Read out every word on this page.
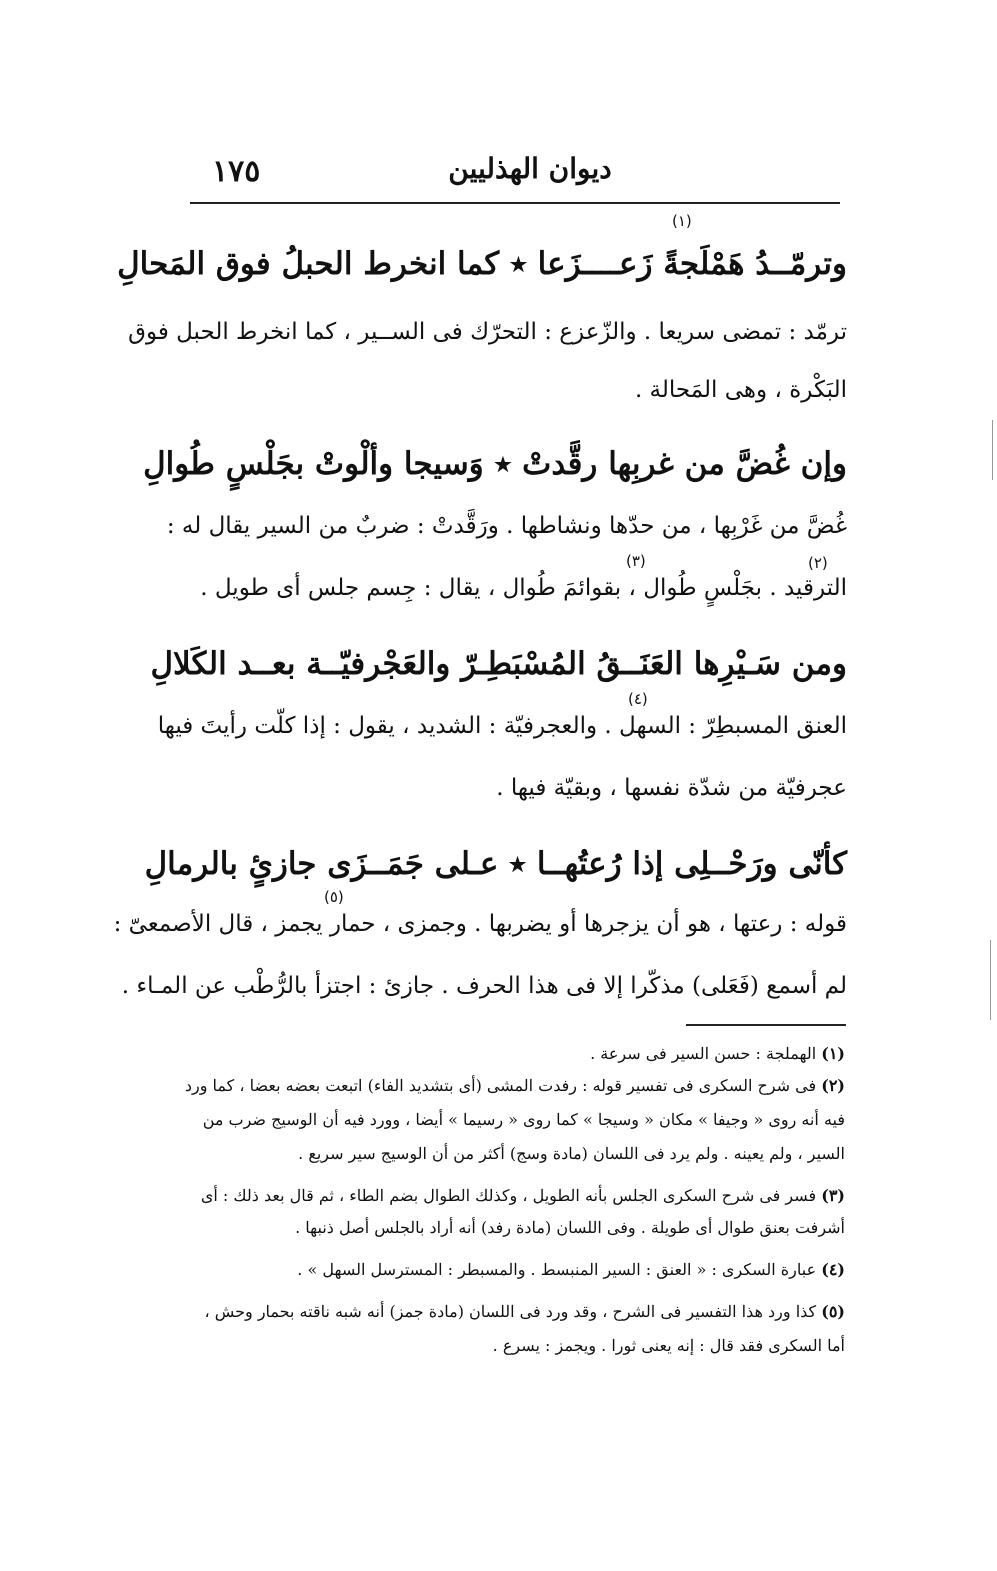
١٧٥	ديوان الهذليين
(١)
وترمّــدُ هَمْلَجةً زَعــــزَعا ٭ كما انخرط الحبلُ فوق المَحالِ
ترمّد : تمضى سريعا . والزّعزع : التحرّك فى الســير ، كما انخرط الحبل فوق
البَكْرة ، وهى المَحالة .
وإن غُضَّ من غربِها رقَّدتْ ٭ وَسيجا وألْوتْ بجَلْسٍ طُوالِ
غُضَّ من غَرْبِها ، من حدّها ونشاطها . ورَقَّدتْ : ضربٌ من السير يقال له :
(٢)
(٣)
الترقيد . بجَلْسٍ طُوال ، بقوائمَ طُوال ، يقال : جِسم جلس أى طويل .
ومن سَـيْرِها العَنَــقُ المُسْبَطِـرّ والعَجْرفيّــة بعــد الكَلالِ
(٤)
العنق المسبطِرّ : السهل . والعجرفيّة : الشديد ، يقول : إذا كلّت رأيتَ فيها
عجرفيّة من شدّة نفسها ، وبقيّة فيها .
كأنّى ورَحْــلِى إذا رُعتُهــا ٭ عـلى جَمَــزَى جازئٍ بالرمالِ
(٥)
قوله : رعتها ، هو أن يزجرها أو يضربها . وجمزى ، حمار يجمز ، قال الأصمعىّ :
لم أسمع (فَعَلى) مذكّرا إلا فى هذا الحرف . جازئ : اجتزأ بالرُّطْب عن المـاء .
(١) الهملجة : حسن السير فى سرعة .
(٢) فى شرح السكرى فى تفسير قوله : رفدت المشى (أى بتشديد الفاء) اتبعت بعضه بعضا ، كما ورد
فيه أنه روى « وجيفا » مكان « وسيجا » كما روى « رسيما » أيضا ، وورد فيه أن الوسيج ضرب من
السير ، ولم يعينه . ولم يرد فى اللسان (مادة وسج) أكثر من أن الوسيج سير سريع .
(٣) فسر فى شرح السكرى الجلس بأنه الطويل ، وكذلك الطوال بضم الطاء ، ثم قال بعد ذلك : أى
أشرفت بعنق طوال أى طويلة . وفى اللسان (مادة رفد) أنه أراد بالجلس أصل ذنبها .
(٤) عبارة السكرى : « العنق : السير المنبسط . والمسبطر : المسترسل السهل » .
(٥) كذا ورد هذا التفسير فى الشرح ، وقد ورد فى اللسان (مادة جمز) أنه شبه ناقته بحمار وحش ،
أما السكرى فقد قال : إنه يعنى ثورا . ويجمز : يسرع .
